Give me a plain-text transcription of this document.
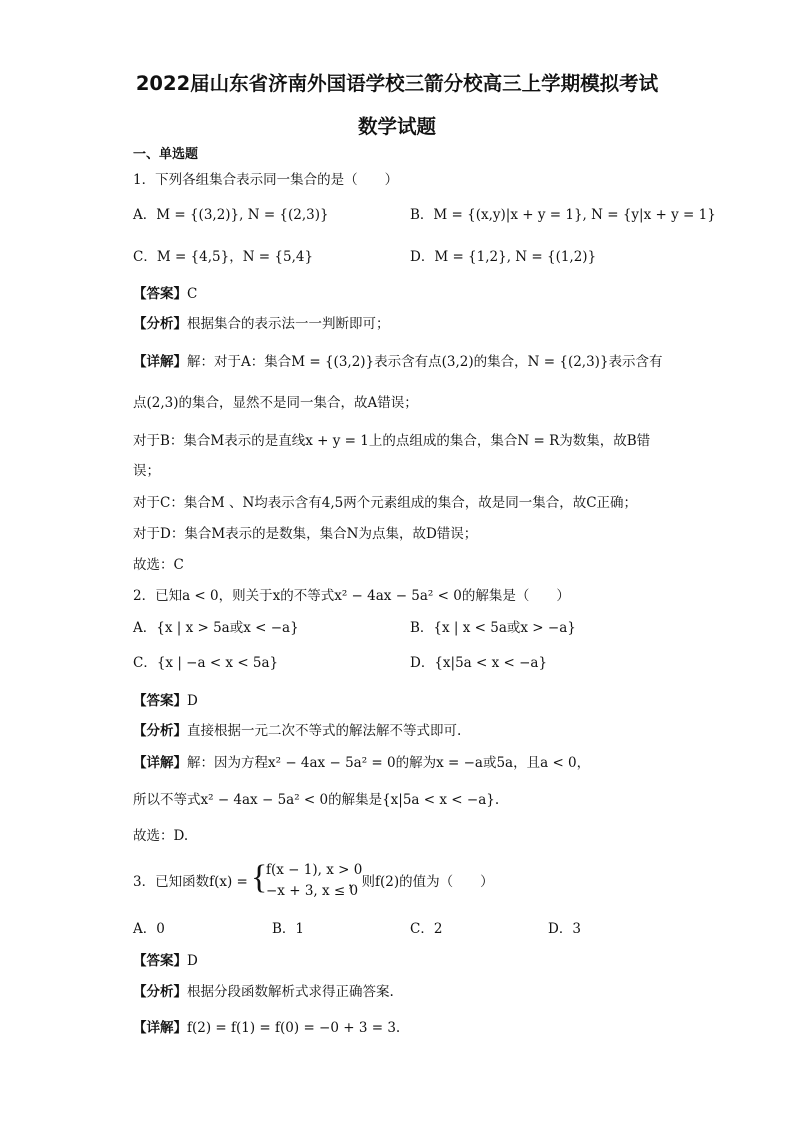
2022届山东省济南外国语学校三箭分校高三上学期模拟考试
数学试题
一、单选题
1．下列各组集合表示同一集合的是（　　）
A．M = {(3,2)}, N = {(2,3)}	B．M = {(x,y)|x + y = 1}, N = {y|x + y = 1}
C．M = {4,5}，N = {5,4}	D．M = {1,2}, N = {(1,2)}
【答案】C
【分析】根据集合的表示法一一判断即可；
【详解】解：对于A：集合M = {(3,2)}表示含有点(3,2)的集合，N = {(2,3)}表示含有
点(2,3)的集合，显然不是同一集合，故A错误；
对于B：集合M表示的是直线x + y = 1上的点组成的集合，集合N = R为数集，故B错
误；
对于C：集合M 、N均表示含有4,5两个元素组成的集合，故是同一集合，故C正确；
对于D：集合M表示的是数集，集合N为点集，故D错误；
故选：C
2．已知a < 0，则关于x的不等式x² − 4ax − 5a² < 0的解集是（　　）
A．{x | x > 5a或x < −a}	B．{x | x < 5a或x > −a}
C．{x | −a < x < 5a}	D．{x|5a < x < −a}
【答案】D
【分析】直接根据一元二次不等式的解法解不等式即可.
【详解】解：因为方程x² − 4ax − 5a² = 0的解为x = −a或5a，且a < 0，
所以不等式x² − 4ax − 5a² < 0的解集是{x|5a < x < −a}.
故选：D.
3．已知函数f(x) = {
f(x − 1), x > 0
−x + 3, x ≤ 0
，则f(2)的值为（　　）
A．0	B．1	C．2	D．3
【答案】D
【分析】根据分段函数解析式求得正确答案.
【详解】f(2) = f(1) = f(0) = −0 + 3 = 3.
